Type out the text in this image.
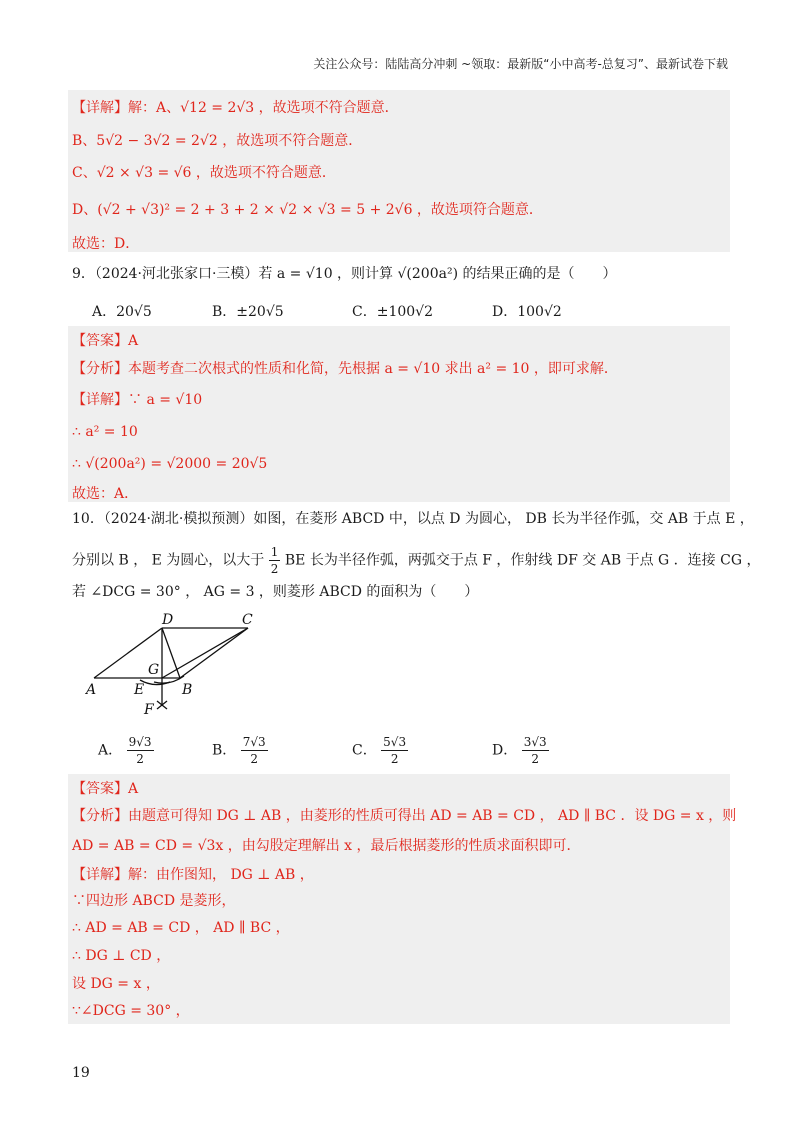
关注公众号：陆陆高分冲刺 ~领取：最新版“小中高考-总复习”、最新试卷下载
【详解】解：A、√12 = 2√3 ，故选项不符合题意．
B、5√2 − 3√2 = 2√2 ，故选项不符合题意．
C、√2 × √3 = √6 ，故选项不符合题意．
D、(√2 + √3)² = 2 + 3 + 2 × √2 × √3 = 5 + 2√6 ，故选项符合题意．
故选：D．
9．（2024·河北张家口·三模）若 a = √10 ，则计算 √(200a²) 的结果正确的是（　　）
A．20√5	B．±20√5	C．±100√2	D．100√2
【答案】A
【分析】本题考查二次根式的性质和化简，先根据 a = √10 求出 a² = 10 ，即可求解．
【详解】∵ a = √10
∴ a² = 10
∴ √(200a²) = √2000 = 20√5
故选：A．
10．（2024·湖北·模拟预测）如图，在菱形 ABCD 中，以点 D 为圆心， DB 长为半径作弧，交 AB 于点 E ，
分别以 B ， E 为圆心，以大于 $\frac{1}{2}$ BE 长为半径作弧，两弧交于点 F ，作射线 DF 交 AB 于点 G ．连接 CG ，
若 ∠DCG = 30° ， AG = 3 ，则菱形 ABCD 的面积为（　　）
D	C
G
A	E	B
F
A． $\frac{9√3}{2}$	B． $\frac{7√3}{2}$	C． $\frac{5√3}{2}$	D． $\frac{3√3}{2}$
【答案】A
【分析】由题意可得知 DG ⊥ AB ，由菱形的性质可得出 AD = AB = CD ， AD ∥ BC ．设 DG = x ，则
AD = AB = CD = √3x ，由勾股定理解出 x ，最后根据菱形的性质求面积即可．
【详解】解：由作图知， DG ⊥ AB ，
∵四边形 ABCD 是菱形，
∴ AD = AB = CD ， AD ∥ BC ，
∴ DG ⊥ CD ，
设 DG = x ，
∵∠DCG = 30° ，
19
